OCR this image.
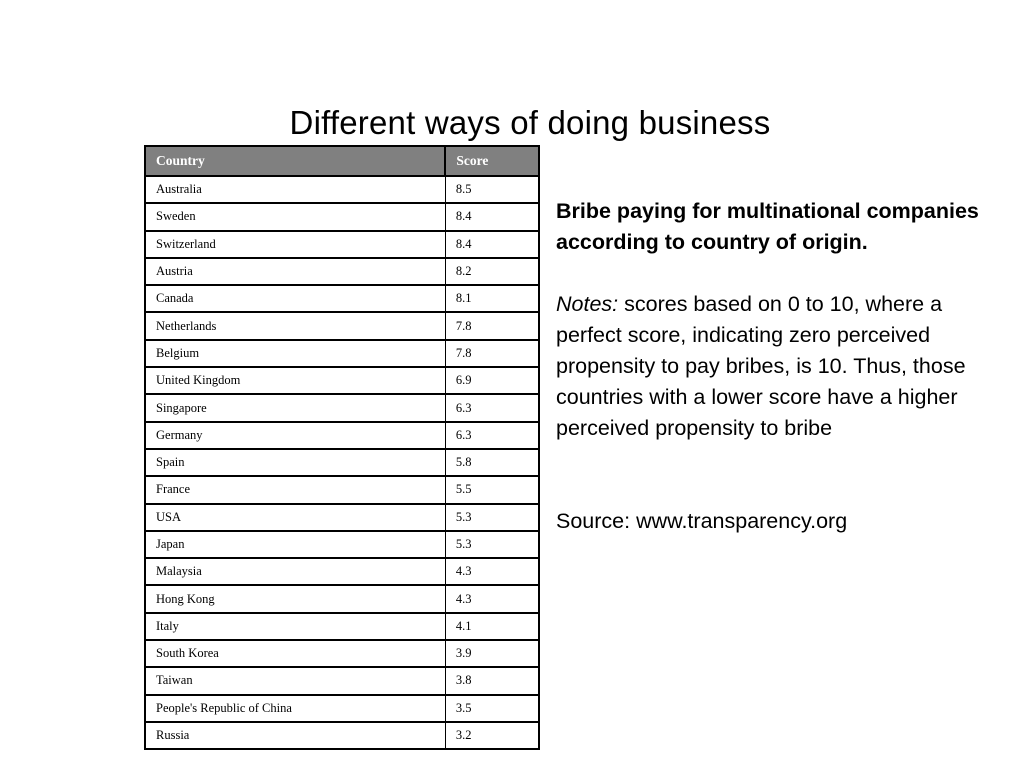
Different ways of doing business
Country	Score
Australia	8.5
Sweden	8.4
Switzerland	8.4
Austria	8.2
Canada	8.1
Netherlands	7.8
Belgium	7.8
United Kingdom	6.9
Singapore	6.3
Germany	6.3
Spain	5.8
France	5.5
USA	5.3
Japan	5.3
Malaysia	4.3
Hong Kong	4.3
Italy	4.1
South Korea	3.9
Taiwan	3.8
People's Republic of China	3.5
Russia	3.2

Bribe paying for multinational companies according to country of origin.

Notes: scores based on 0 to 10, where a perfect score, indicating zero perceived propensity to pay bribes, is 10. Thus, those countries with a lower score have a higher perceived propensity to bribe

Source: www.transparency.org
